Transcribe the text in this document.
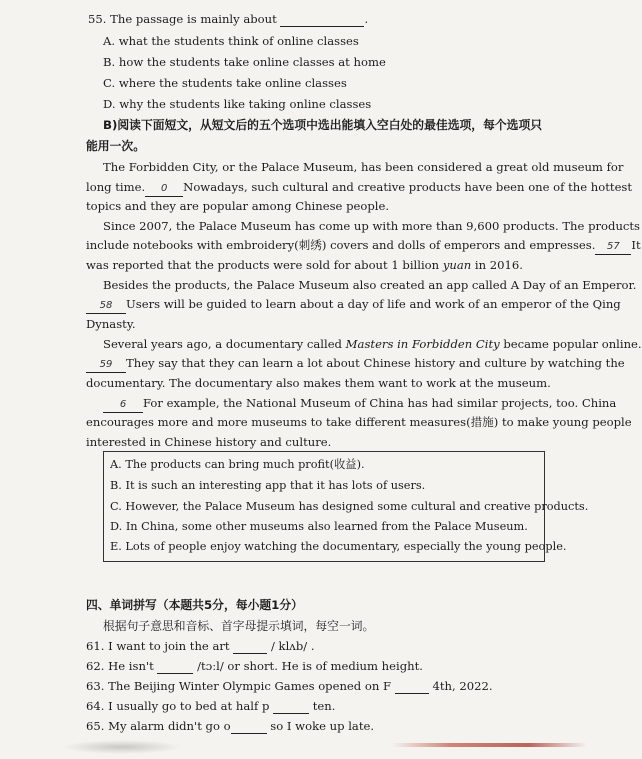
55. The passage is mainly about	.
A. what the students think of online classes
B. how the students take online classes at home
C. where the students take online classes
D. why the students like taking online classes
B)阅读下面短文，从短文后的五个选项中选出能填入空白处的最佳选项，每个选项只
能用一次。
The Forbidden City, or the Palace Museum, has been considered a great old museum for
long time. 0 Nowadays, such cultural and creative products have been one of the hottest
topics and they are popular among Chinese people.
Since 2007, the Palace Museum has come up with more than 9,600 products. The products
include notebooks with embroidery(刺绣) covers and dolls of emperors and empresses. 57 It
was reported that the products were sold for about 1 billion yuan in 2016.
Besides the products, the Palace Museum also created an app called A Day of an Emperor.
58 Users will be guided to learn about a day of life and work of an emperor of the Qing
Dynasty.
Several years ago, a documentary called Masters in Forbidden City became popular online.
59 They say that they can learn a lot about Chinese history and culture by watching the
documentary. The documentary also makes them want to work at the museum.
6 For example, the National Museum of China has had similar projects, too. China
encourages more and more museums to take different measures(措施) to make young people
interested in Chinese history and culture.
A. The products can bring much profit(收益).
B. It is such an interesting app that it has lots of users.
C. However, the Palace Museum has designed some cultural and creative products.
D. In China, some other museums also learned from the Palace Museum.
E. Lots of people enjoy watching the documentary, especially the young people.
四、单词拼写（本题共5分，每小题1分）
根据句子意思和音标、首字母提示填词，每空一词。
61. I want to join the art	/ klʌb/ .
62. He isn't	/tɔːl/ or short. He is of medium height.
63. The Beijing Winter Olympic Games opened on F	4th, 2022.
64. I usually go to bed at half p	ten.
65. My alarm didn't go o	so I woke up late.
